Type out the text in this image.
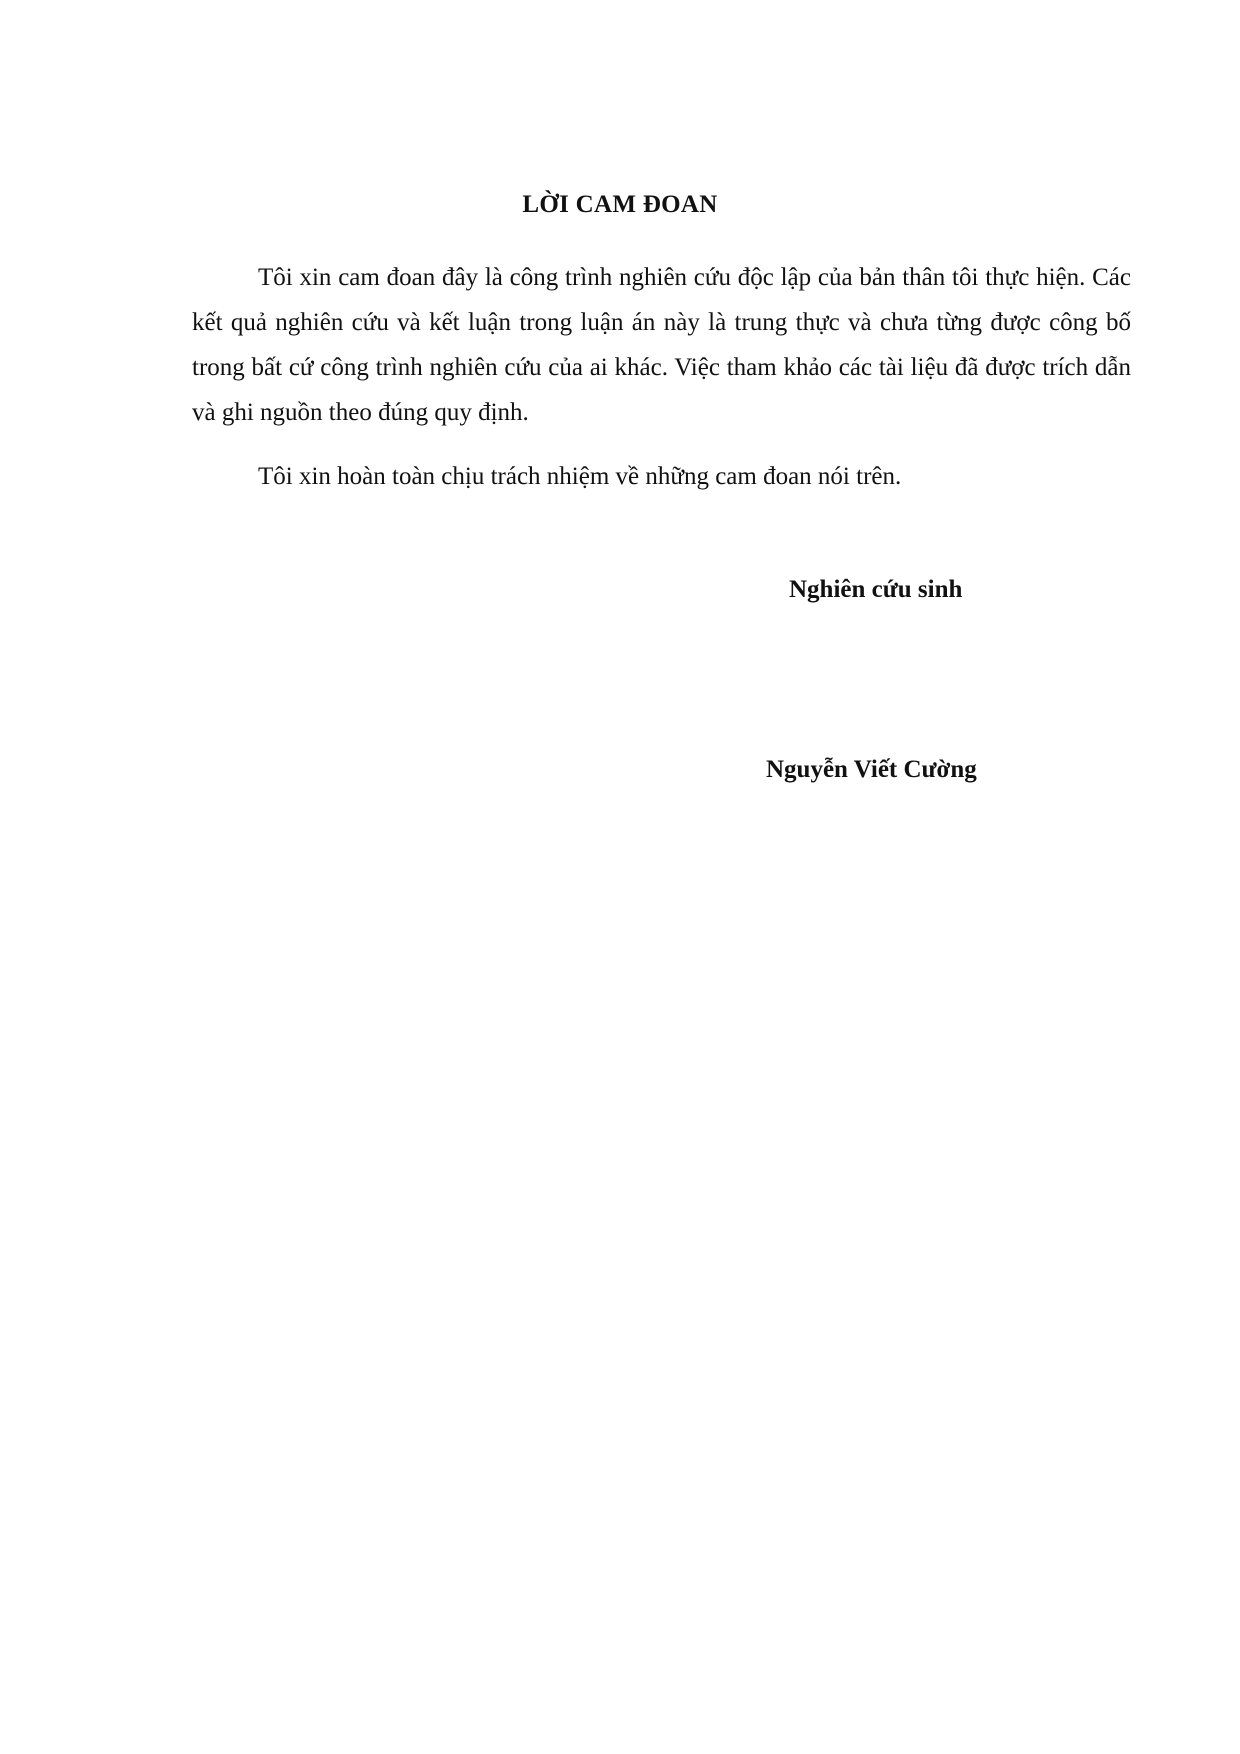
LỜI CAM ĐOAN

Tôi xin cam đoan đây là công trình nghiên cứu độc lập của bản thân tôi thực hiện. Các kết quả nghiên cứu và kết luận trong luận án này là trung thực và chưa từng được công bố trong bất cứ công trình nghiên cứu của ai khác. Việc tham khảo các tài liệu đã được trích dẫn và ghi nguồn theo đúng quy định.

Tôi xin hoàn toàn chịu trách nhiệm về những cam đoan nói trên.

Nghiên cứu sinh

Nguyễn Viết Cường
